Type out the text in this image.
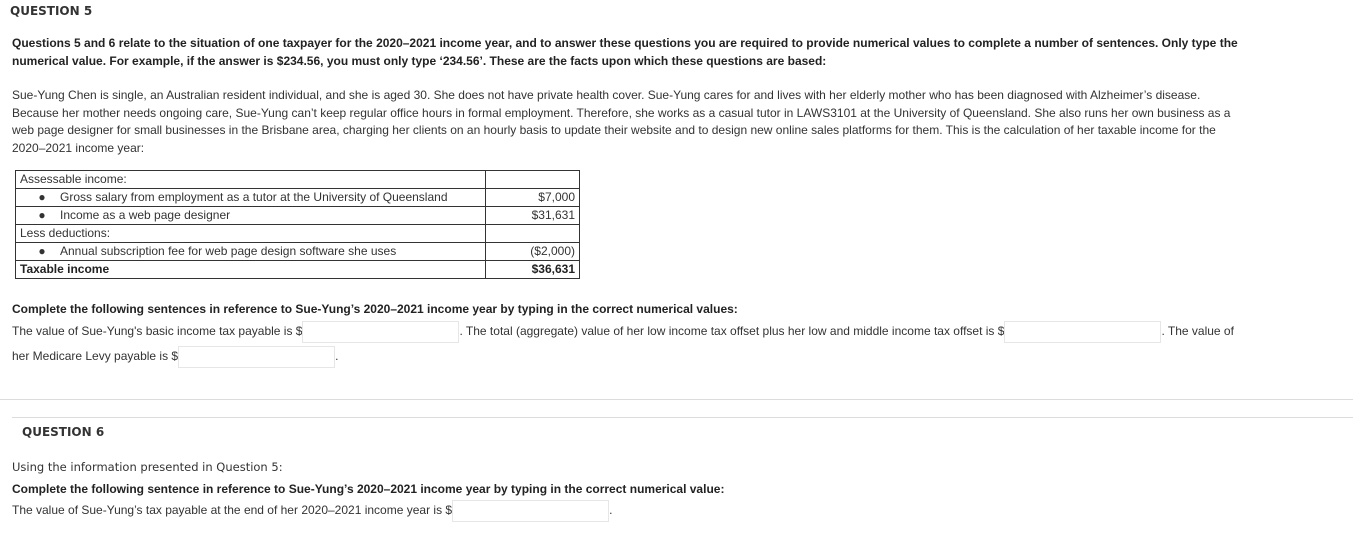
QUESTION 5
Questions 5 and 6 relate to the situation of one taxpayer for the 2020–2021 income year, and to answer these questions you are required to provide numerical values to complete a number of sentences. Only type the numerical value. For example, if the answer is $234.56, you must only type ‘234.56’. These are the facts upon which these questions are based:
Sue-Yung Chen is single, an Australian resident individual, and she is aged 30. She does not have private health cover. Sue-Yung cares for and lives with her elderly mother who has been diagnosed with Alzheimer’s disease. Because her mother needs ongoing care, Sue-Yung can’t keep regular office hours in formal employment. Therefore, she works as a casual tutor in LAWS3101 at the University of Queensland. She also runs her own business as a web page designer for small businesses in the Brisbane area, charging her clients on an hourly basis to update their website and to design new online sales platforms for them. This is the calculation of her taxable income for the 2020–2021 income year:
Assessable income:	
● Gross salary from employment as a tutor at the University of Queensland	$7,000
● Income as a web page designer	$31,631
Less deductions:	
● Annual subscription fee for web page design software she uses	($2,000)
Taxable income	$36,631
Complete the following sentences in reference to Sue-Yung’s 2020–2021 income year by typing in the correct numerical values:
The value of Sue-Yung's basic income tax payable is $	. The total (aggregate) value of her low income tax offset plus her low and middle income tax offset is $	. The value of
her Medicare Levy payable is $	.
QUESTION 6
Using the information presented in Question 5:
Complete the following sentence in reference to Sue-Yung’s 2020–2021 income year by typing in the correct numerical value:
The value of Sue-Yung’s tax payable at the end of her 2020–2021 income year is $	.
